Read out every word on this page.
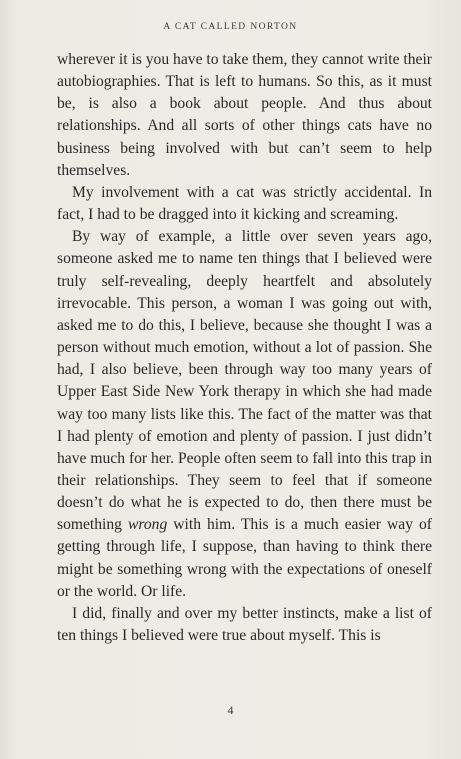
A CAT CALLED NORTON

wherever it is you have to take them, they cannot write their autobiographies. That is left to humans. So this, as it must be, is also a book about people. And thus about relationships. And all sorts of other things cats have no business being involved with but can’t seem to help themselves.

My involvement with a cat was strictly accidental. In fact, I had to be dragged into it kicking and screaming.

By way of example, a little over seven years ago, someone asked me to name ten things that I believed were truly self-revealing, deeply heartfelt and absolutely irrevocable. This person, a woman I was going out with, asked me to do this, I believe, because she thought I was a person without much emotion, without a lot of passion. She had, I also believe, been through way too many years of Upper East Side New York therapy in which she had made way too many lists like this. The fact of the matter was that I had plenty of emotion and plenty of passion. I just didn’t have much for her. People often seem to fall into this trap in their relationships. They seem to feel that if someone doesn’t do what he is expected to do, then there must be something wrong with him. This is a much easier way of getting through life, I suppose, than having to think there might be something wrong with the expectations of oneself or the world. Or life.

I did, finally and over my better instincts, make a list of ten things I believed were true about myself. This is

4
